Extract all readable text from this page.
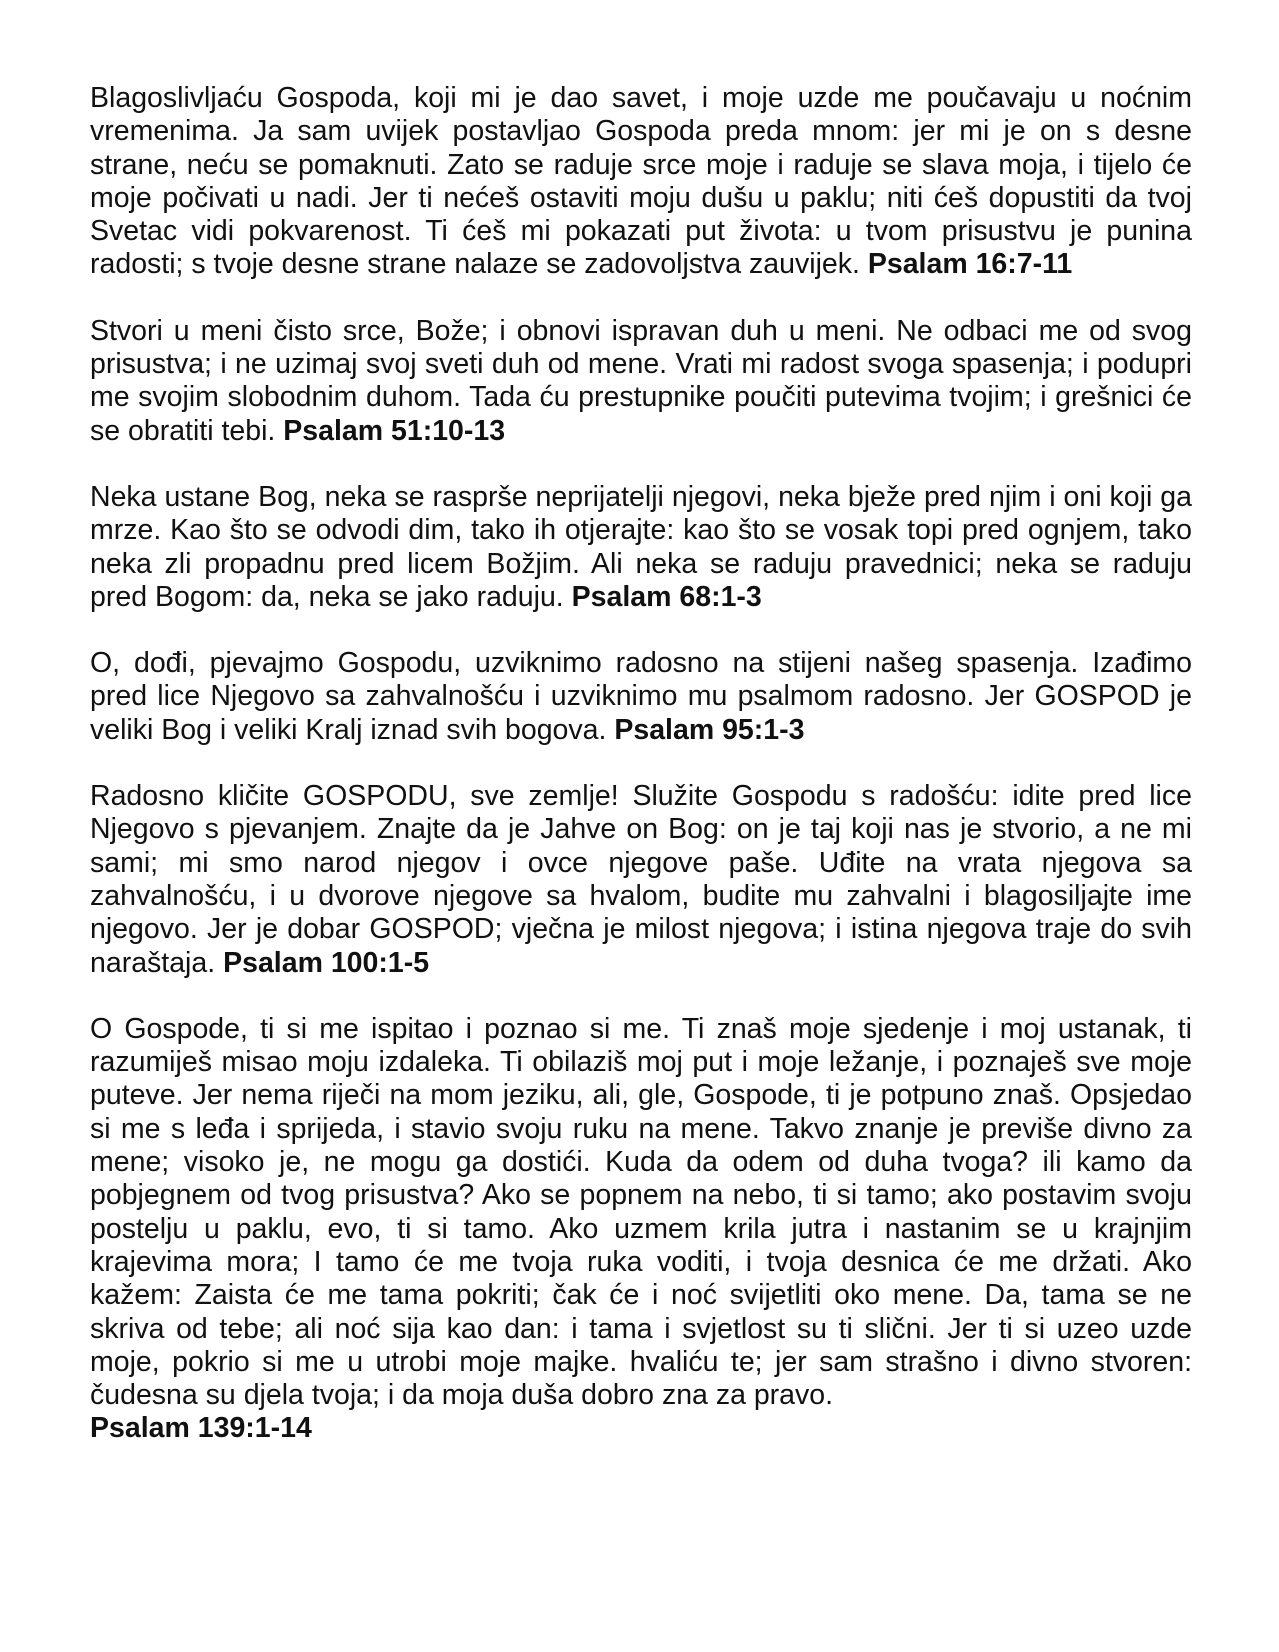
Blagoslivljaću Gospoda, koji mi je dao savet, i moje uzde me poučavaju u noćnim vremenima. Ja sam uvijek postavljao Gospoda preda mnom: jer mi je on s desne strane, neću se pomaknuti. Zato se raduje srce moje i raduje se slava moja, i tijelo će moje počivati u nadi. Jer ti nećeš ostaviti moju dušu u paklu; niti ćeš dopustiti da tvoj Svetac vidi pokvarenost. Ti ćeš mi pokazati put života: u tvom prisustvu je punina radosti; s tvoje desne strane nalaze se zadovoljstva zauvijek. Psalam 16:7-11

Stvori u meni čisto srce, Bože; i obnovi ispravan duh u meni. Ne odbaci me od svog prisustva; i ne uzimaj svoj sveti duh od mene. Vrati mi radost svoga spasenja; i podupri me svojim slobodnim duhom. Tada ću prestupnike poučiti putevima tvojim; i grešnici će se obratiti tebi. Psalam 51:10-13

Neka ustane Bog, neka se raspršе neprijatelji njegovi, neka bježe pred njim i oni koji ga mrze. Kao što se odvodi dim, tako ih otjerajte: kao što se vosak topi pred ognjem, tako neka zli propadnu pred licem Božjim. Ali neka se raduju pravednici; neka se raduju pred Bogom: da, neka se jako raduju. Psalam 68:1-3

O, dođi, pjevajmo Gospodu, uzviknimo radosno na stijeni našeg spasenja. Izađimo pred lice Njegovo sa zahvalnošću i uzviknimo mu psalmom radosno. Jer GOSPOD je veliki Bog i veliki Kralj iznad svih bogova. Psalam 95:1-3

Radosno kličite GOSPODU, sve zemlje! Služite Gospodu s radošću: idite pred lice Njegovo s pjevanjem. Znajte da je Jahve on Bog: on je taj koji nas je stvorio, a ne mi sami; mi smo narod njegov i ovce njegove paše. Uđite na vrata njegova sa zahvalnošću, i u dvorove njegove sa hvalom, budite mu zahvalni i blagosiljajte ime njegovo. Jer je dobar GOSPOD; vječna je milost njegova; i istina njegova traje do svih naraštaja. Psalam 100:1-5

O Gospode, ti si me ispitao i poznao si me. Ti znaš moje sjedenje i moj ustanak, ti razumiješ misao moju izdaleka. Ti obilaziš moj put i moje ležanje, i poznaješ sve moje puteve. Jer nema riječi na mom jeziku, ali, gle, Gospode, ti je potpuno znaš. Opsjedao si me s leđa i sprijeda, i stavio svoju ruku na mene. Takvo znanje je previše divno za mene; visoko je, ne mogu ga dostići. Kuda da odem od duha tvoga? ili kamo da pobjegnem od tvog prisustva? Ako se popnem na nebo, ti si tamo; ako postavim svoju postelju u paklu, evo, ti si tamo. Ako uzmem krila jutra i nastanim se u krajnjim krajevima mora; I tamo će me tvoja ruka voditi, i tvoja desnica će me držati. Ako kažem: Zaista će me tama pokriti; čak će i noć svijetliti oko mene. Da, tama se ne skriva od tebe; ali noć sija kao dan: i tama i svjetlost su ti slični. Jer ti si uzeo uzde moje, pokrio si me u utrobi moje majke. hvaliću te; jer sam strašno i divno stvoren: čudesna su djela tvoja; i da moja duša dobro zna za pravo.
Psalam 139:1-14
